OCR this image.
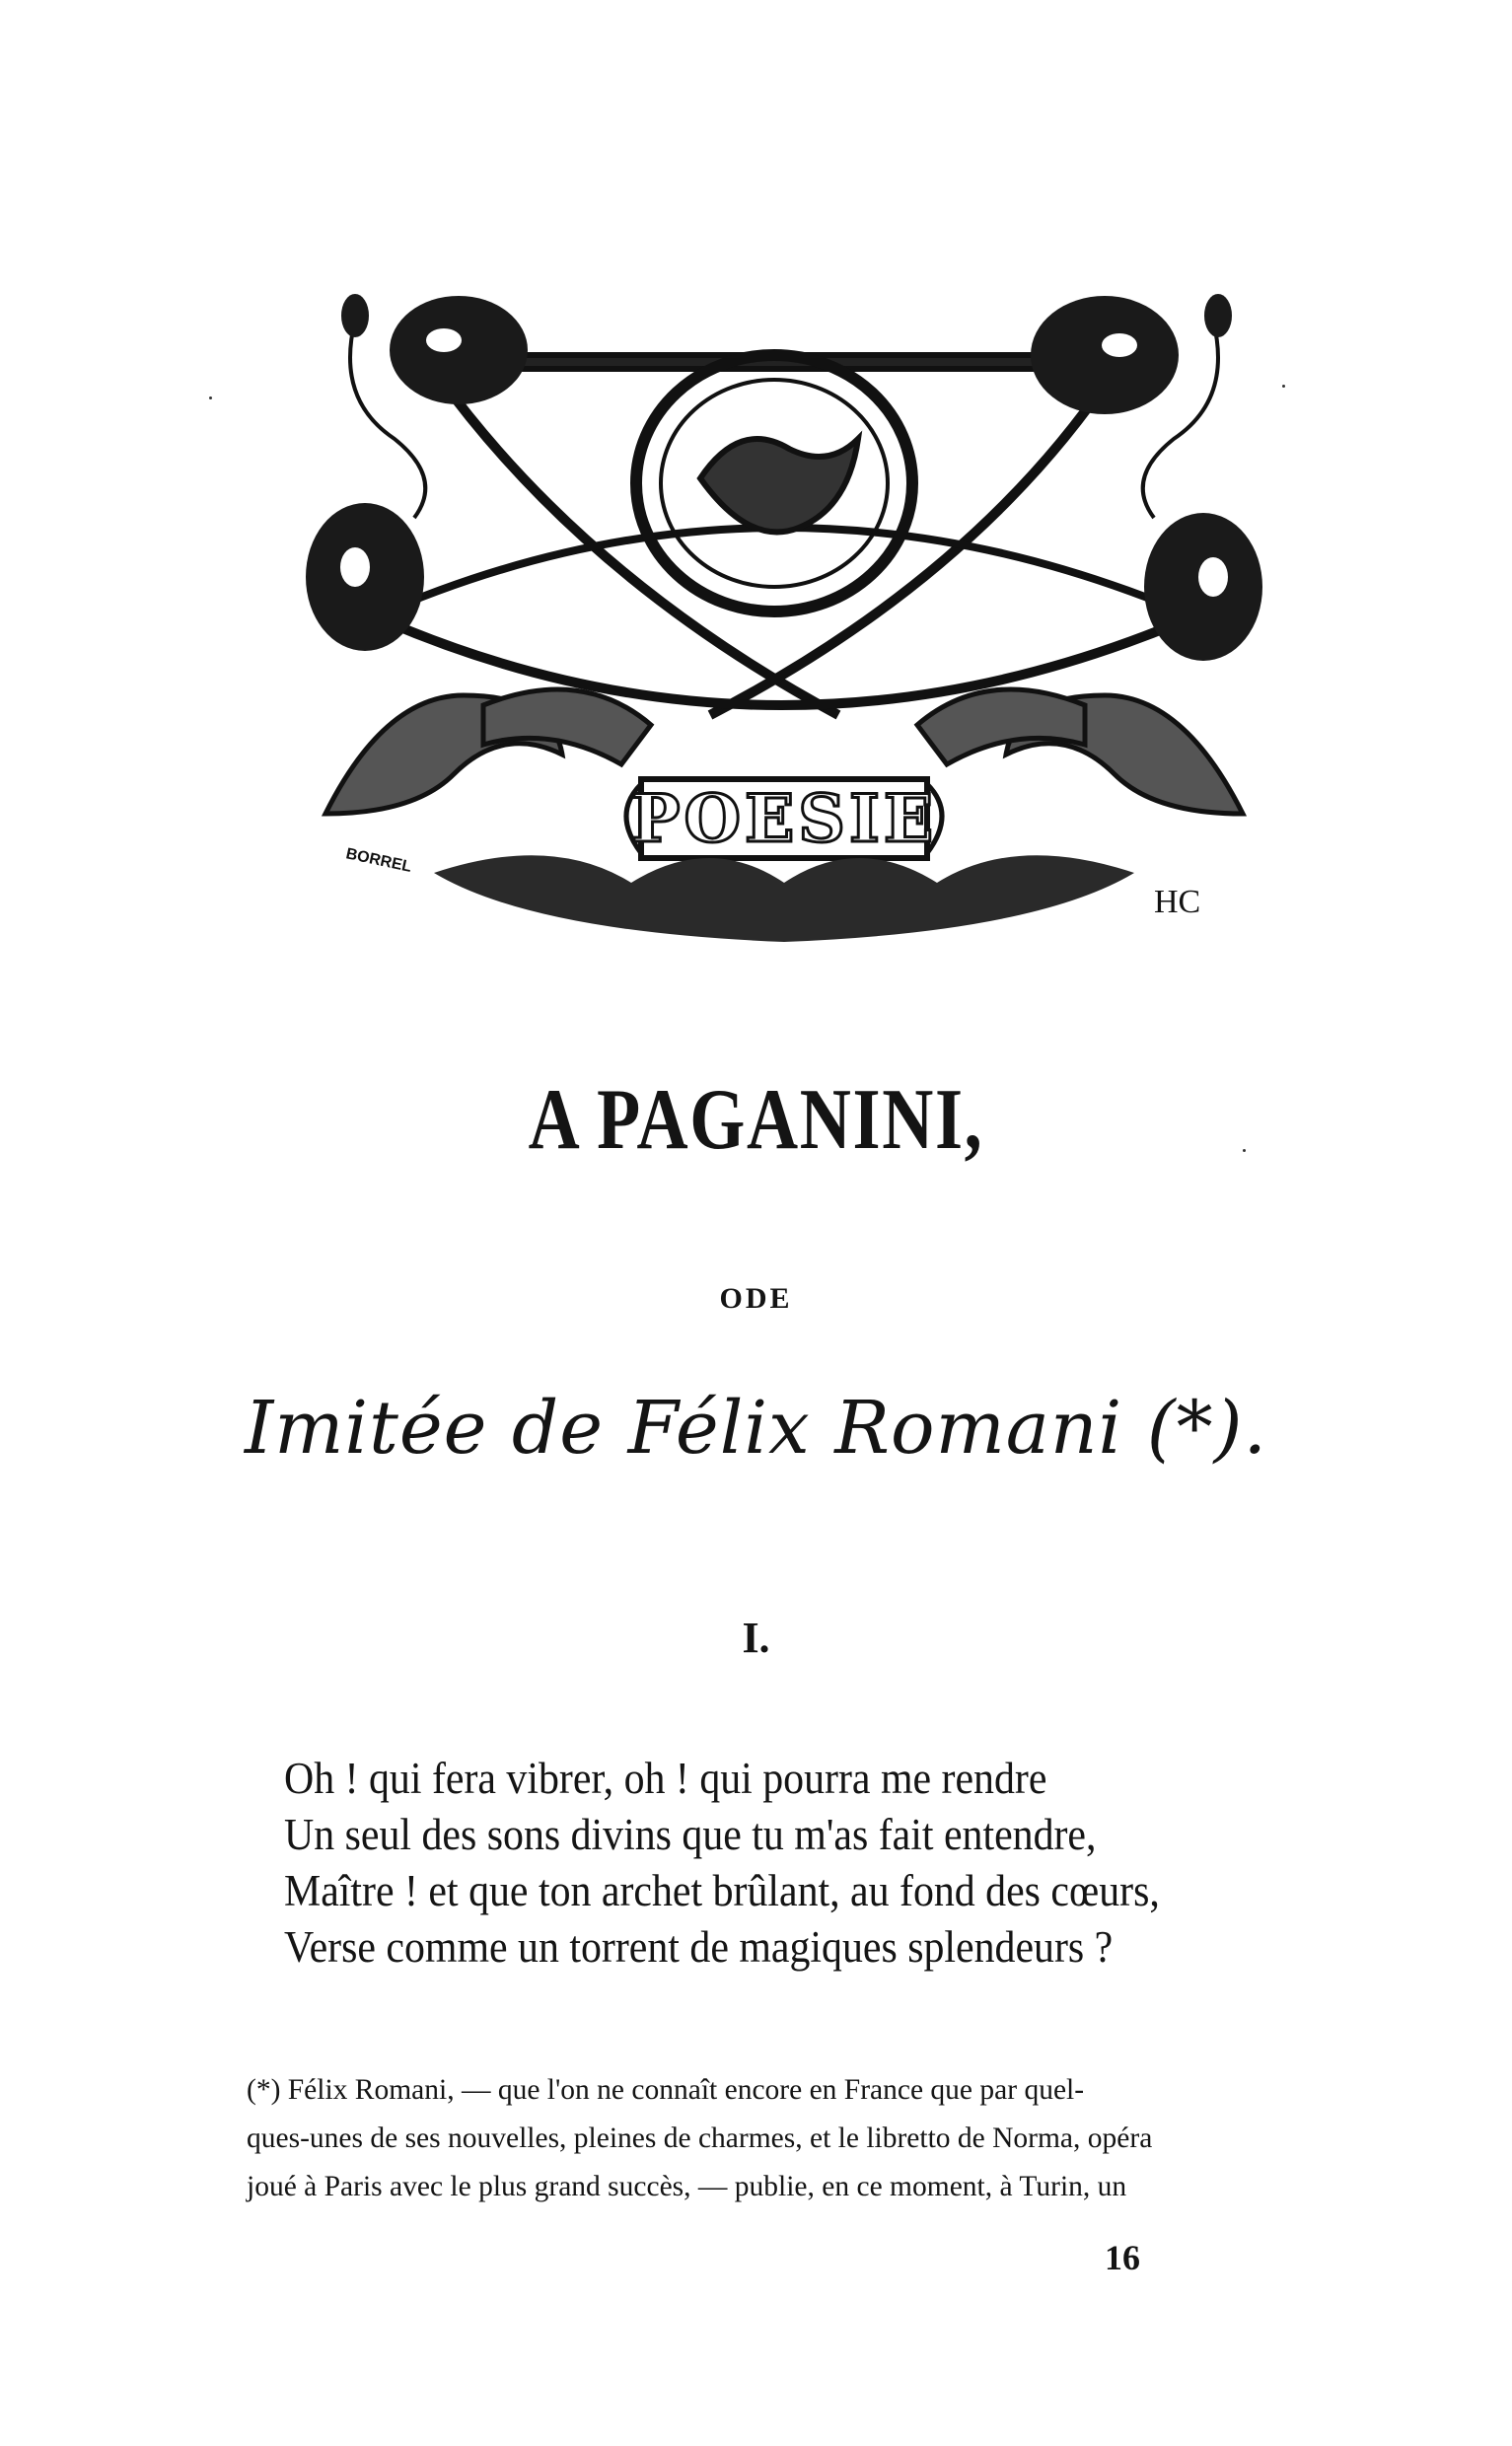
POESIE
BORREL
HC
A PAGANINI,
ODE
Imitée de Félix Romani (*).
I.
Oh ! qui fera vibrer, oh ! qui pourra me rendre
Un seul des sons divins que tu m'as fait entendre,
Maître ! et que ton archet brûlant, au fond des cœurs,
Verse comme un torrent de magiques splendeurs ?

(*) Félix Romani, — que l'on ne connaît encore en France que par quel-

ques-unes de ses nouvelles, pleines de charmes, et le libretto de Norma, opéra

joué à Paris avec le plus grand succès, — publie, en ce moment, à Turin, un

16
